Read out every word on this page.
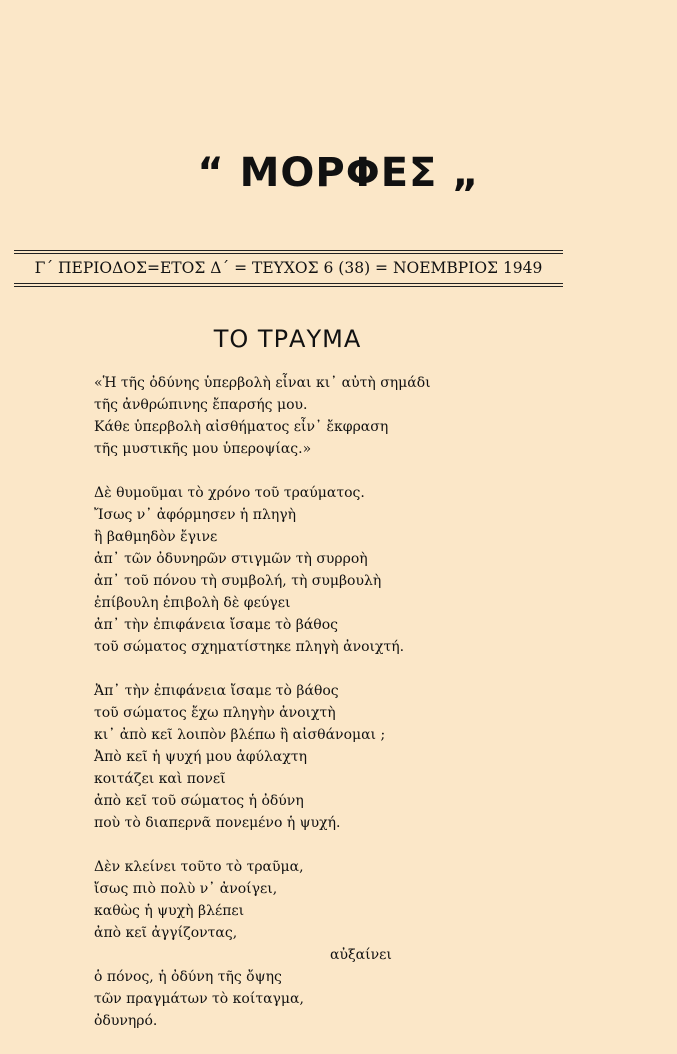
“ ΜΟΡΦΕΣ „
Γ΄ ΠΕΡΙΟΔΟΣ=ΕΤΟΣ Δ΄ = ΤΕΥΧΟΣ 6 (38) = ΝΟΕΜΒΡΙΟΣ 1949
ΤΟ ΤΡΑΥΜΑ
«Ἡ τῆς ὀδύνης ὑπερβολὴ εἶναι κι᾽ αὐτὴ σημάδι
τῆς ἀνθρώπινης ἔπαρσής μου.
Κάθε ὑπερβολὴ αἰσθήματος εἶν᾽ ἔκφραση
τῆς μυστικῆς μου ὑπεροψίας.»
Δὲ θυμοῦμαι τὸ χρόνο τοῦ τραύματος.
Ἴσως ν᾽ ἀφόρμησεν ἡ πληγὴ
ἢ βαθμηδὸν ἔγινε
ἀπ᾽ τῶν ὀδυνηρῶν στιγμῶν τὴ συρροὴ
ἀπ᾽ τοῦ πόνου τὴ συμβολή, τὴ συμβουλὴ
ἐπίβουλη ἐπιβολὴ δὲ φεύγει
ἀπ᾽ τὴν ἐπιφάνεια ἴσαμε τὸ βάθος
τοῦ σώματος σχηματίστηκε πληγὴ ἀνοιχτή.
Ἀπ᾽ τὴν ἐπιφάνεια ἴσαμε τὸ βάθος
τοῦ σώματος ἔχω πληγὴν ἀνοιχτὴ
κι᾽ ἀπὸ κεῖ λοιπὸν βλέπω ἢ αἰσθάνομαι ;
Ἀπὸ κεῖ ἡ ψυχή μου ἀφύλαχτη
κοιτάζει καὶ πονεῖ
ἀπὸ κεῖ τοῦ σώματος ἡ ὀδύνη
ποὺ τὸ διαπερνᾶ πονεμένο ἡ ψυχή.
Δὲν κλείνει τοῦτο τὸ τραῦμα,
ἴσως πιὸ πολὺ ν᾽ ἀνοίγει,
καθὼς ἡ ψυχὴ βλέπει
ἀπὸ κεῖ ἀγγίζοντας,
αὐξαίνει
ὁ πόνος, ἡ ὀδύνη τῆς ὄψης
τῶν πραγμάτων τὸ κοίταγμα,
ὀδυνηρό.
